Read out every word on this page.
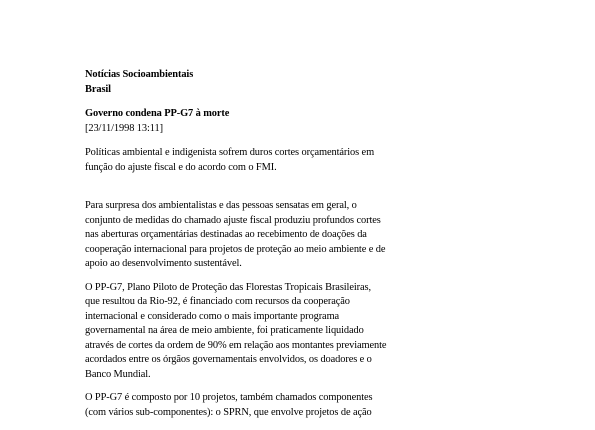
Notícias Socioambientais

Brasil

Governo condena PP-G7 à morte

[23/11/1998 13:11]

Políticas ambiental e indigenista sofrem duros cortes orçamentários em

função do ajuste fiscal e do acordo com o FMI.

Para surpresa dos ambientalistas e das pessoas sensatas em geral, o

conjunto de medidas do chamado ajuste fiscal produziu profundos cortes

nas aberturas orçamentárias destinadas ao recebimento de doações da

cooperação internacional para projetos de proteção ao meio ambiente e de

apoio ao desenvolvimento sustentável.

O PP-G7, Plano Piloto de Proteção das Florestas Tropicais Brasileiras,

que resultou da Rio-92, é financiado com recursos da cooperação

internacional e considerado como o mais importante programa

governamental na área de meio ambiente, foi praticamente liquidado

através de cortes da ordem de 90% em relação aos montantes previamente

acordados entre os órgãos governamentais envolvidos, os doadores e o

Banco Mundial.

O PP-G7 é composto por 10 projetos, também chamados componentes

(com vários sub-componentes): o SPRN, que envolve projetos de ação
